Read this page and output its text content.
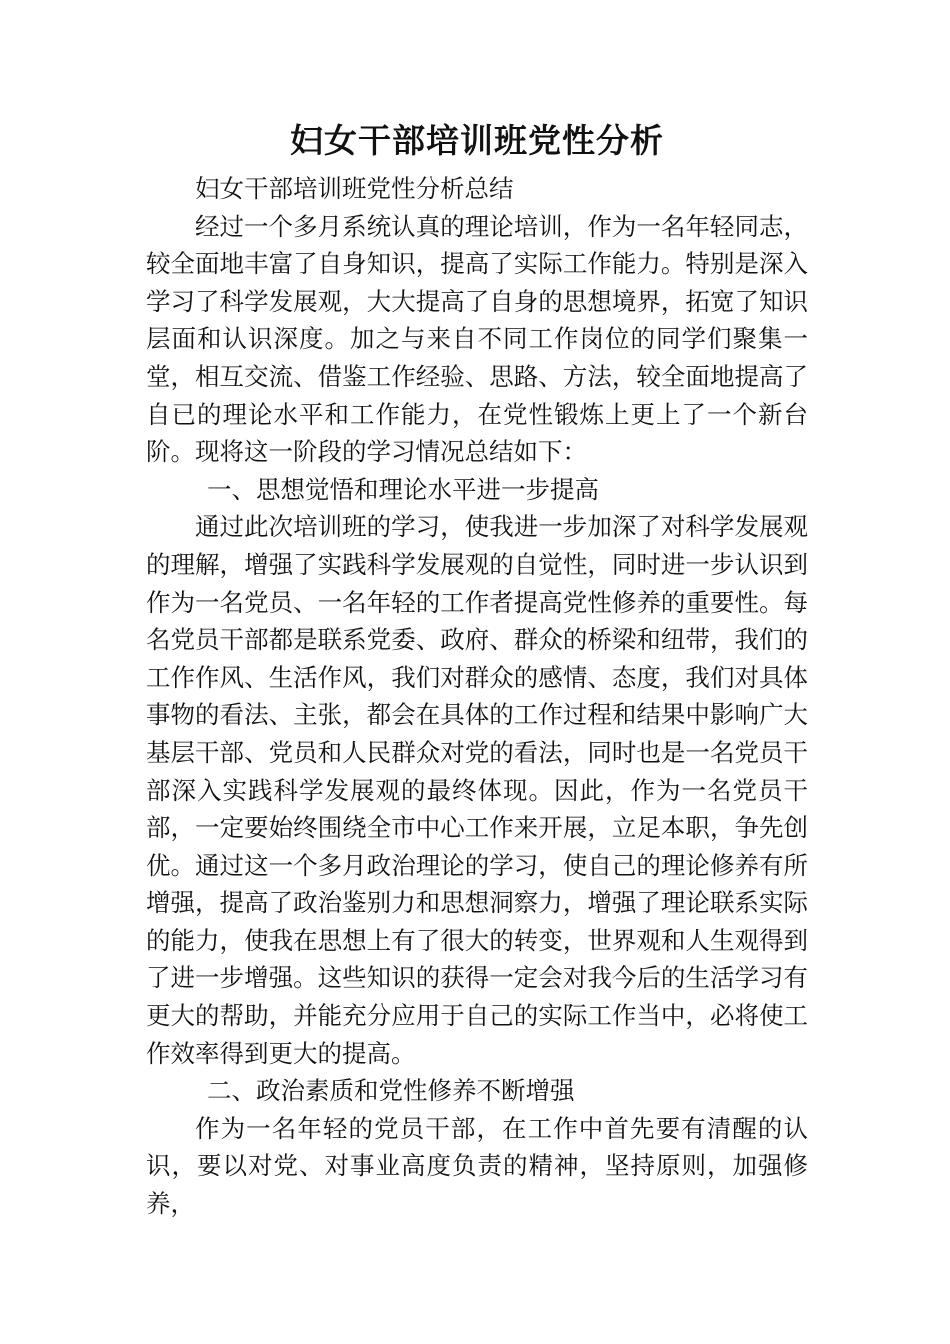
妇女干部培训班党性分析

妇女干部培训班党性分析总结

经过一个多月系统认真的理论培训，作为一名年轻同志，较全面地丰富了自身知识，提高了实际工作能力。特别是深入学习了科学发展观，大大提高了自身的思想境界，拓宽了知识层面和认识深度。加之与来自不同工作岗位的同学们聚集一堂，相互交流、借鉴工作经验、思路、方法，较全面地提高了自已的理论水平和工作能力，在党性锻炼上更上了一个新台阶。现将这一阶段的学习情况总结如下：

一、思想觉悟和理论水平进一步提高

通过此次培训班的学习，使我进一步加深了对科学发展观的理解，增强了实践科学发展观的自觉性，同时进一步认识到作为一名党员、一名年轻的工作者提高党性修养的重要性。每名党员干部都是联系党委、政府、群众的桥梁和纽带，我们的工作作风、生活作风，我们对群众的感情、态度，我们对具体事物的看法、主张，都会在具体的工作过程和结果中影响广大基层干部、党员和人民群众对党的看法，同时也是一名党员干部深入实践科学发展观的最终体现。因此，作为一名党员干部，一定要始终围绕全市中心工作来开展，立足本职，争先创优。通过这一个多月政治理论的学习，使自己的理论修养有所增强，提高了政治鉴别力和思想洞察力，增强了理论联系实际的能力，使我在思想上有了很大的转变，世界观和人生观得到了进一步增强。这些知识的获得一定会对我今后的生活学习有更大的帮助，并能充分应用于自己的实际工作当中，必将使工作效率得到更大的提高。

二、政治素质和党性修养不断增强

作为一名年轻的党员干部，在工作中首先要有清醒的认识，要以对党、对事业高度负责的精神，坚持原则，加强修养，
